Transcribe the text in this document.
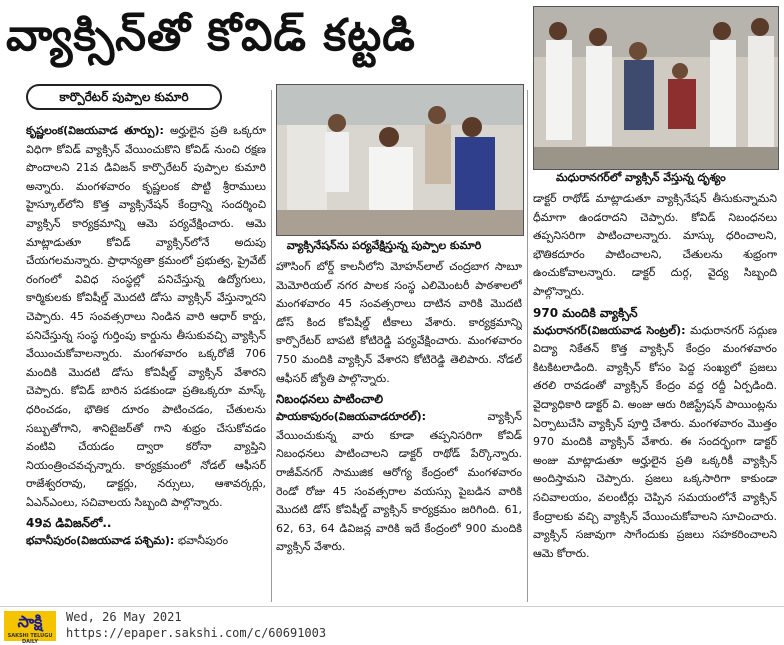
వ్యాక్సిన్‌తో కోవిడ్ కట్టడి
కార్పొరేటర్ పుప్పాల కుమారి
వ్యాక్సినేషన్‌ను పర్యవేక్షిస్తున్న పుప్పాల కుమారి
మధురానగర్‌లో వ్యాక్సిన్ వేస్తున్న దృశ్యం

కృష్ణలంక(విజయవాడ తూర్పు): అర్హులైన ప్రతి ఒక్కరూ విధిగా కోవిడ్ వ్యాక్సిన్ వేయించుకొని కోవిడ్ నుంచి రక్షణ పొందాలని 21వ డివిజన్ కార్పొరేటర్ పుప్పాల కుమారి అన్నారు. మంగళవారం కృష్ణలంక పొట్టి శ్రీరాములు హైస్కూల్‌లోని కొత్త వ్యాక్సినేషన్ కేంద్రాన్ని సందర్శించి వ్యాక్సిన్ కార్యక్రమాన్ని ఆమె పర్యవేక్షించారు. ఆమె మాట్లాడుతూ కోవిడ్ వ్యాక్సిన్‌లోనే అదుపు చేయగలమన్నారు. ప్రాధాన్యతా క్రమంలో ప్రభుత్వ, ప్రైవేట్ రంగంలో వివిధ సంస్థల్లో పనిచేస్తున్న ఉద్యోగులు, కార్మికులకు కోవిషీల్డ్ మొదటి డోసు వ్యాక్సిన్ వేస్తున్నారని చెప్పారు. 45 సంవత్సరాలు నిండిన వారి ఆధార్ కార్డు, పనిచేస్తున్న సంస్థ గుర్తింపు కార్డును తీసుకువచ్చి వ్యాక్సిన్ వేయించుకోవాలన్నారు. మంగళవారం ఒక్కరోజే 706 మందికి మొదటి డోసు కోవిషీల్డ్ వ్యాక్సిన్ వేశారని చెప్పారు. కోవిడ్ బారిన పడకుండా ప్రతిఒక్కరూ మాస్క్ ధరించడం, భౌతిక దూరం పాటించడం, చేతులను సబ్బుతోగాని, శానిటైజర్‌తో గాని శుభ్రం చేసుకోవడం వంటివి చేయడం ద్వారా కరోనా వ్యాప్తిని నియంత్రించవచ్చన్నారు. కార్యక్రమంలో నోడల్ ఆఫీసర్ రాజేశ్వరరావు, డాక్టర్లు, నర్సులు, ఆశావర్కర్లు, ఏఎన్ఎంలు, సచివాలయ సిబ్బంది పాల్గొన్నారు.

49వ డివిజన్‌లో..

భవానీపురం(విజయవాడ పశ్చిమ): భవానీపురం

హౌసింగ్ బోర్డ్ కాలనీలోని మోహన్‌లాల్ చంద్రబాగ సాబూ మెమోరియల్ నగర పాలక సంస్థ ఎలిమెంటరీ పాఠశాలలో మంగళవారం 45 సంవత్సరాలు దాటిన వారికి మొదటి డోస్ కింద కోవిషీల్డ్ టీకాలు వేశారు. కార్యక్రమాన్ని కార్పొరేటర్ బాపటి కోటిరెడ్డి పర్యవేక్షించారు. మంగళవారం 750 మందికి వ్యాక్సిన్ వేశారని కోటిరెడ్డి తెలిపారు. నోడల్ ఆఫీసర్ జ్యోతి పాల్గొన్నారు.

నిబంధనలు పాటించాలి

పాయకాపురం(విజయవాడరూరల్):	వ్యాక్సిన్ వేయించుకున్న వారు కూడా తప్పనిసరిగా కోవిడ్ నిబంధనలు పాటించాలని డాక్టర్ రాథోడ్ పేర్కొన్నారు. రాజీవ్‌నగర్ సాముజిక ఆరోగ్య కేంద్రంలో మంగళవారం రెండో రోజు 45 సంవత్సరాల వయస్సు పైబడిన వారికి మొదటి డోస్ కోవిషీల్డ్ వ్యాక్సిన్ కార్యక్రమం జరిగింది. 61, 62, 63, 64 డివిజన్ల వారికి ఇదే కేంద్రంలో 900 మందికి వ్యాక్సిన్ వేశారు.

డాక్టర్ రాథోడ్ మాట్లాడుతూ వ్యాక్సినేషన్ తీసుకున్నామని ధీమాగా ఉండరాదని చెప్పారు. కోవిడ్ నిబంధనలు తప్పనిసరిగా పాటించాలన్నారు. మాస్కు ధరించాలని, భౌతికదూరం పాటించాలని, చేతులను శుభ్రంగా ఉంచుకోవాలన్నారు. డాక్టర్ దుర్గ, వైద్య సిబ్బంది పాల్గొన్నారు.

970 మందికి వ్యాక్సిన్

మధురానగర్(విజయవాడ సెంట్రల్): మధురానగర్ సద్గుణ విద్యా నికేతన్ కొత్త వ్యాక్సిన్ కేంద్రం మంగళవారం కిటకిటలాడింది. వ్యాక్సిన్ కోసం పెద్ద సంఖ్యలో ప్రజలు తరలి రావడంతో వ్యాక్సిన్ కేంద్రం వద్ద రద్దీ ఏర్పడింది. వైద్యాధికారి డాక్టర్ వి. అంజు ఆరు రిజిస్ట్రేషన్ పాయింట్లను ఏర్పాటుచేసి వ్యాక్సిన్ పూర్తి చేశారు. మంగళవారం మొత్తం 970 మందికి వ్యాక్సిన్ వేశారు. ఈ సందర్భంగా డాక్టర్ అంజు మాట్లాడుతూ అర్హులైన ప్రతి ఒక్కరికీ వ్యాక్సిన్ అందిస్తామని చెప్పారు. ప్రజలు ఒక్కసారిగా కాకుండా సచివాలయం, వలంటీర్లు చెప్పిన సమయంలోనే వ్యాక్సిన్ కేంద్రాలకు వచ్చి వ్యాక్సిన్ వేయించుకోవాలని సూచించారు. వ్యాక్సిన్ సజావుగా సాగేందుకు ప్రజలు సహకరించాలని ఆమె కోరారు.

సాక్షి
SAKSHI TELUGU DAILY
Wed, 26 May 2021
https://epaper.sakshi.com/c/60691003
